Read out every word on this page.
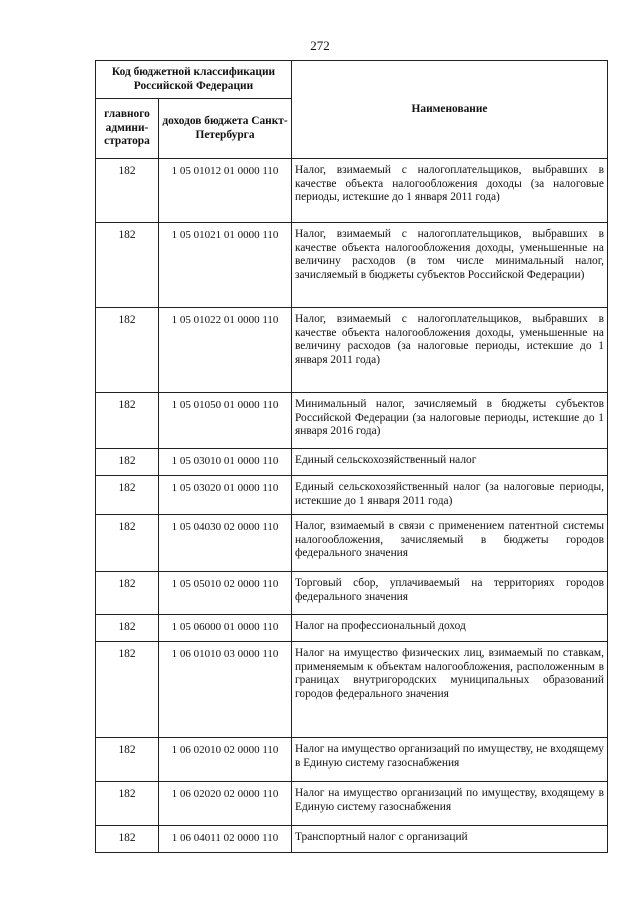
272
Код бюджетной классификации Российской Федерации		Наименование
главного админи-стратора	доходов бюджета Санкт-Петербурга	
182	1 05 01012 01 0000 110	Налог, взимаемый с налогоплательщиков, выбравших в качестве объекта налогообложения доходы (за налоговые периоды, истекшие до 1 января 2011 года)
182	1 05 01021 01 0000 110	Налог, взимаемый с налогоплательщиков, выбравших в качестве объекта налогообложения доходы, уменьшенные на величину расходов (в том числе минимальный налог, зачисляемый в бюджеты субъектов Российской Федерации)
182	1 05 01022 01 0000 110	Налог, взимаемый с налогоплательщиков, выбравших в качестве объекта налогообложения доходы, уменьшенные на величину расходов (за налоговые периоды, истекшие до 1 января 2011 года)
182	1 05 01050 01 0000 110	Минимальный налог, зачисляемый в бюджеты субъектов Российской Федерации (за налоговые периоды, истекшие до 1 января 2016 года)
182	1 05 03010 01 0000 110	Единый сельскохозяйственный налог
182	1 05 03020 01 0000 110	Единый сельскохозяйственный налог (за налоговые периоды, истекшие до 1 января 2011 года)
182	1 05 04030 02 0000 110	Налог, взимаемый в связи с применением патентной системы налогообложения, зачисляемый в бюджеты городов федерального значения
182	1 05 05010 02 0000 110	Торговый сбор, уплачиваемый на территориях городов федерального значения
182	1 05 06000 01 0000 110	Налог на профессиональный доход
182	1 06 01010 03 0000 110	Налог на имущество физических лиц, взимаемый по ставкам, применяемым к объектам налогообложения, расположенным в границах внутригородских муниципальных образований городов федерального значения
182	1 06 02010 02 0000 110	Налог на имущество организаций по имуществу, не входящему в Единую систему газоснабжения
182	1 06 02020 02 0000 110	Налог на имущество организаций по имуществу, входящему в Единую систему газоснабжения
182	1 06 04011 02 0000 110	Транспортный налог с организаций
